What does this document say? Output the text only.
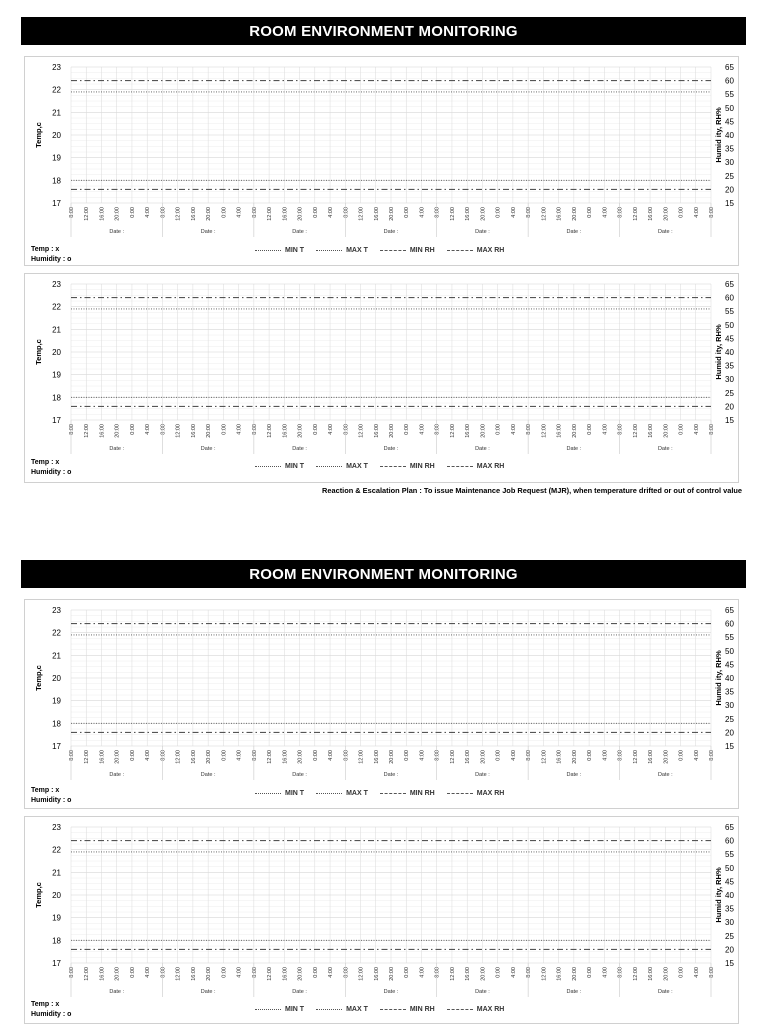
ROOM ENVIRONMENT MONITORING
23
22
21
20
19
18
17
8:00 12:00 16:00 20:00 0:00 4:00 8:00 12:00 16:00 20:00 0:00 4:00 8:00 12:00 16:00 20:00 0:00 4:00 8:00 12:00 16:00 20:00 0:00 4:00 8:00 12:00 16:00 20:00 0:00 4:00 8:00 12:00 16:00 20:00 0:00 4:00 8:00 12:00 16:00 20:00 0:00 4:00 8:00
Date :	Date :	Date :	Date :	Date :	Date :	Date :
65
60
55
50
45
40
35
30
25
20
15
Temp,c	Humid ity, RH%
Temp : x
Humidity : o
MIN T	MAX T	MIN RH	MAX RH
23
22
21
20
19
18
17
8:00 12:00 16:00 20:00 0:00 4:00 8:00 12:00 16:00 20:00 0:00 4:00 8:00 12:00 16:00 20:00 0:00 4:00 8:00 12:00 16:00 20:00 0:00 4:00 8:00 12:00 16:00 20:00 0:00 4:00 8:00 12:00 16:00 20:00 0:00 4:00 8:00 12:00 16:00 20:00 0:00 4:00 8:00
Date :	Date :	Date :	Date :	Date :	Date :	Date :
65
60
55
50
45
40
35
30
25
20
15
Temp,c	Humid ity, RH%
Temp : x
Humidity : o
MIN T	MAX T	MIN RH	MAX RH
Reaction & Escalation Plan : To issue Maintenance Job Request (MJR), when temperature drifted or out of control value
ROOM ENVIRONMENT MONITORING
23
22
21
20
19
18
17
8:00 12:00 16:00 20:00 0:00 4:00 8:00 12:00 16:00 20:00 0:00 4:00 8:00 12:00 16:00 20:00 0:00 4:00 8:00 12:00 16:00 20:00 0:00 4:00 8:00 12:00 16:00 20:00 0:00 4:00 8:00 12:00 16:00 20:00 0:00 4:00 8:00 12:00 16:00 20:00 0:00 4:00 8:00
Date :	Date :	Date :	Date :	Date :	Date :	Date :
65
60
55
50
45
40
35
30
25
20
15
Temp,c	Humid ity, RH%
Temp : x
Humidity : o
MIN T	MAX T	MIN RH	MAX RH
23
22
21
20
19
18
17
8:00 12:00 16:00 20:00 0:00 4:00 8:00 12:00 16:00 20:00 0:00 4:00 8:00 12:00 16:00 20:00 0:00 4:00 8:00 12:00 16:00 20:00 0:00 4:00 8:00 12:00 16:00 20:00 0:00 4:00 8:00 12:00 16:00 20:00 0:00 4:00 8:00 12:00 16:00 20:00 0:00 4:00 8:00
Date :	Date :	Date :	Date :	Date :	Date :	Date :
65
60
55
50
45
40
35
30
25
20
15
Temp,c	Humid ity, RH%
Temp : x
Humidity : o
MIN T	MAX T	MIN RH	MAX RH
